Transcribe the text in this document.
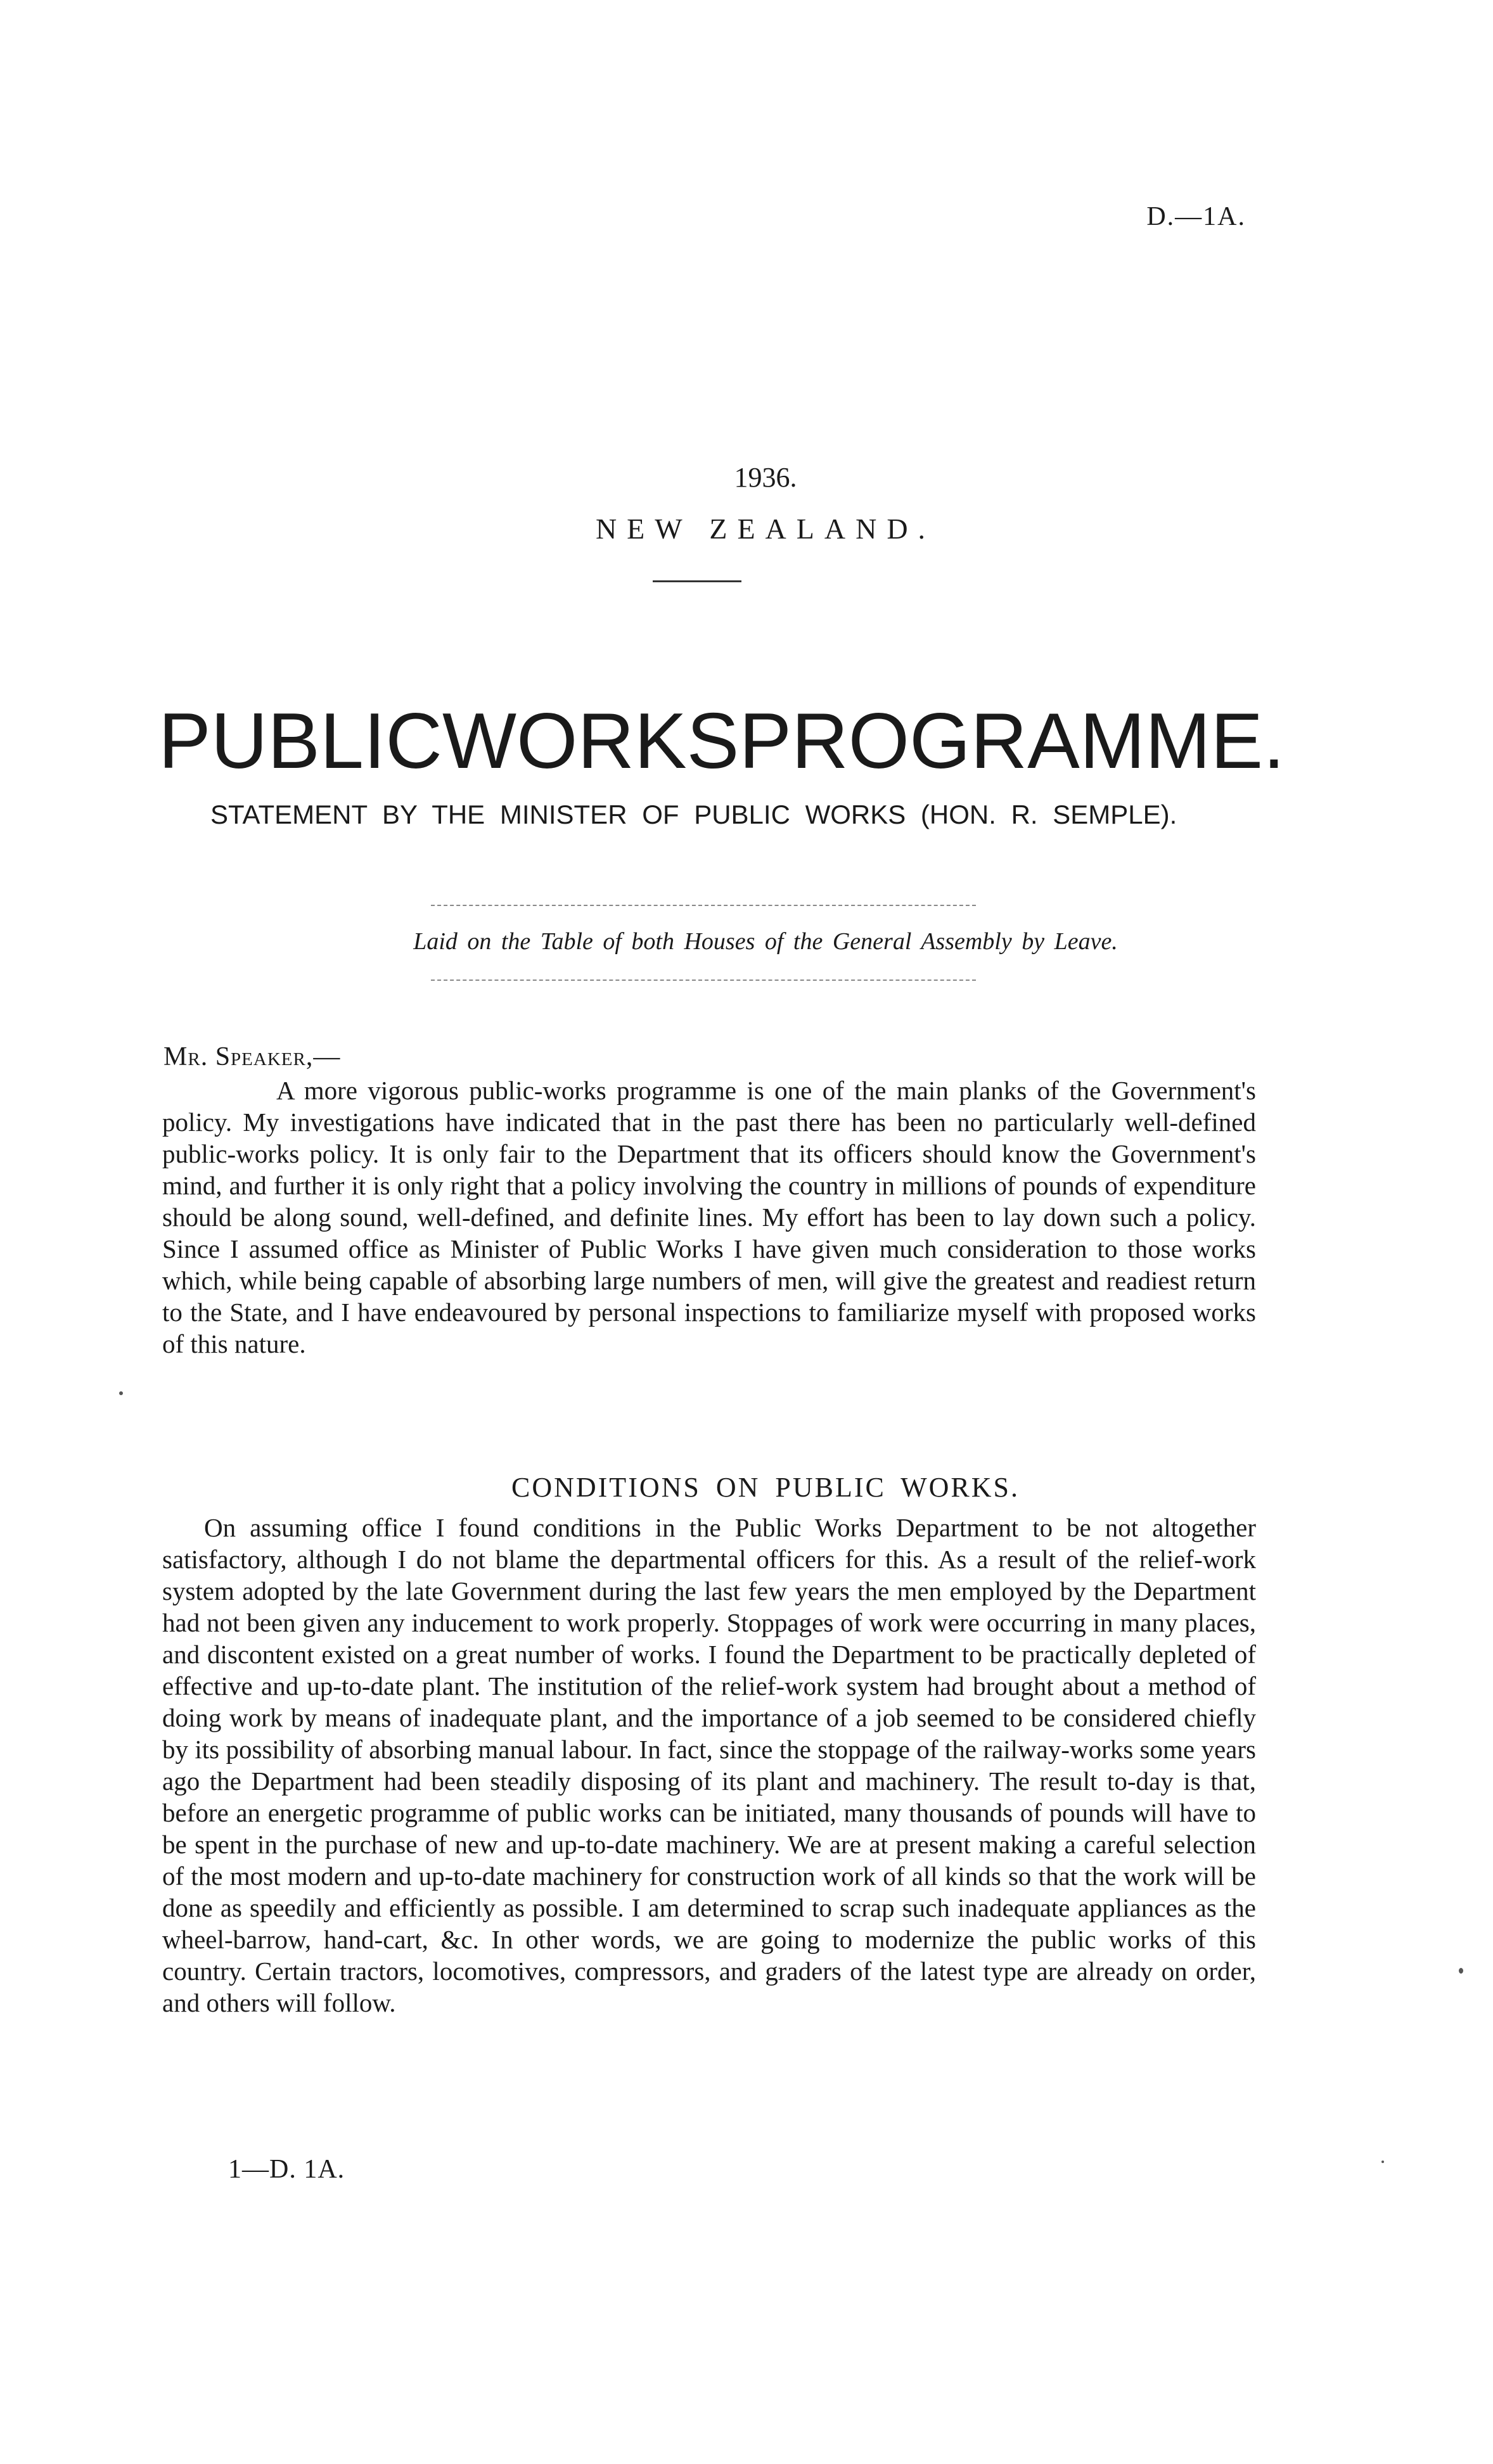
D.—1A.
1936.
NEW ZEALAND.
PUBLIC WORKS PROGRAMME.
STATEMENT BY THE MINISTER OF PUBLIC WORKS (HON. R. SEMPLE).
Laid on the Table of both Houses of the General Assembly by Leave.
Mr. Speaker,—

A more vigorous public-works programme is one of the main planks of the Government's policy. My investigations have indicated that in the past there has been no particularly well-defined public-works policy. It is only fair to the Department that its officers should know the Government's mind, and further it is only right that a policy involving the country in millions of pounds of expenditure should be along sound, well-defined, and definite lines. My effort has been to lay down such a policy. Since I assumed office as Minister of Public Works I have given much consideration to those works which, while being capable of absorbing large numbers of men, will give the greatest and readiest return to the State, and I have endeavoured by personal inspections to familiarize myself with proposed works of this nature.

CONDITIONS ON PUBLIC WORKS.

On assuming office I found conditions in the Public Works Department to be not altogether satisfactory, although I do not blame the departmental officers for this. As a result of the relief-work system adopted by the late Government during the last few years the men employed by the Department had not been given any inducement to work properly. Stoppages of work were occurring in many places, and discontent existed on a great number of works. I found the Department to be practically depleted of effective and up-to-date plant. The institution of the relief-work system had brought about a method of doing work by means of inadequate plant, and the importance of a job seemed to be considered chiefly by its possibility of absorbing manual labour. In fact, since the stoppage of the railway-works some years ago the Department had been steadily disposing of its plant and machinery. The result to-day is that, before an energetic programme of public works can be initiated, many thousands of pounds will have to be spent in the purchase of new and up-to-date machinery. We are at present making a careful selection of the most modern and up-to-date machinery for construction work of all kinds so that the work will be done as speedily and efficiently as possible. I am determined to scrap such inadequate appliances as the wheel-barrow, hand-cart, &c. In other words, we are going to modernize the public works of this country. Certain tractors, locomotives, compressors, and graders of the latest type are already on order, and others will follow.

1—D. 1A.
